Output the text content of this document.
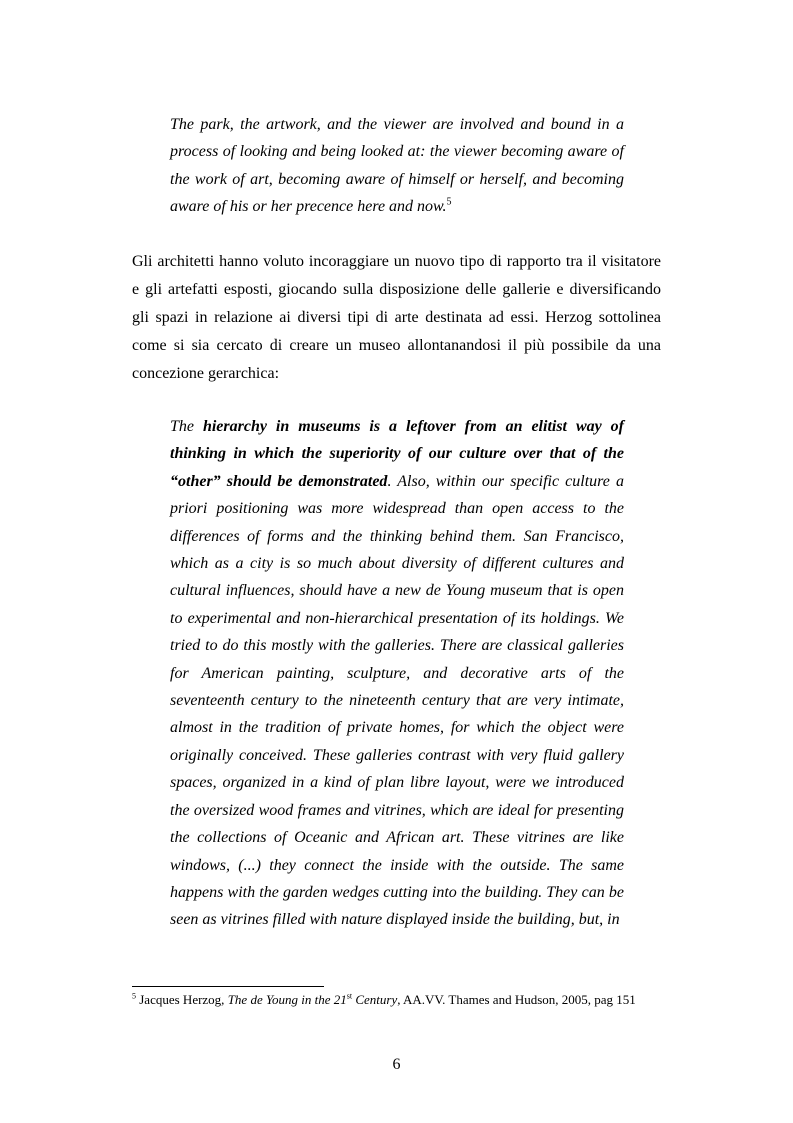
The park, the artwork, and the viewer are involved and bound in a process of looking and being looked at: the viewer becoming aware of the work of art, becoming aware of himself or herself, and becoming aware of his or her precence here and now.$^5$
Gli architetti hanno voluto incoraggiare un nuovo tipo di rapporto tra il visitatore e gli artefatti esposti, giocando sulla disposizione delle gallerie e diversificando gli spazi in relazione ai diversi tipi di arte destinata ad essi. Herzog sottolinea come si sia cercato di creare un museo allontanandosi il più possibile da una concezione gerarchica:
The hierarchy in museums is a leftover from an elitist way of thinking in which the superiority of our culture over that of the “other” should be demonstrated. Also, within our specific culture a priori positioning was more widespread than open access to the differences of forms and the thinking behind them. San Francisco, which as a city is so much about diversity of different cultures and cultural influences, should have a new de Young museum that is open to experimental and non-hierarchical presentation of its holdings. We tried to do this mostly with the galleries. There are classical galleries for American painting, sculpture, and decorative arts of the seventeenth century to the nineteenth century that are very intimate, almost in the tradition of private homes, for which the object were originally conceived. These galleries contrast with very fluid gallery spaces, organized in a kind of plan libre layout, were we introduced the oversized wood frames and vitrines, which are ideal for presenting the collections of Oceanic and African art. These vitrines are like windows, (...) they connect the inside with the outside. The same happens with the garden wedges cutting into the building. They can be seen as vitrines filled with nature displayed inside the building, but, in
$^5$ Jacques Herzog, The de Young in the 21st Century, AA.VV. Thames and Hudson, 2005, pag 151
6
